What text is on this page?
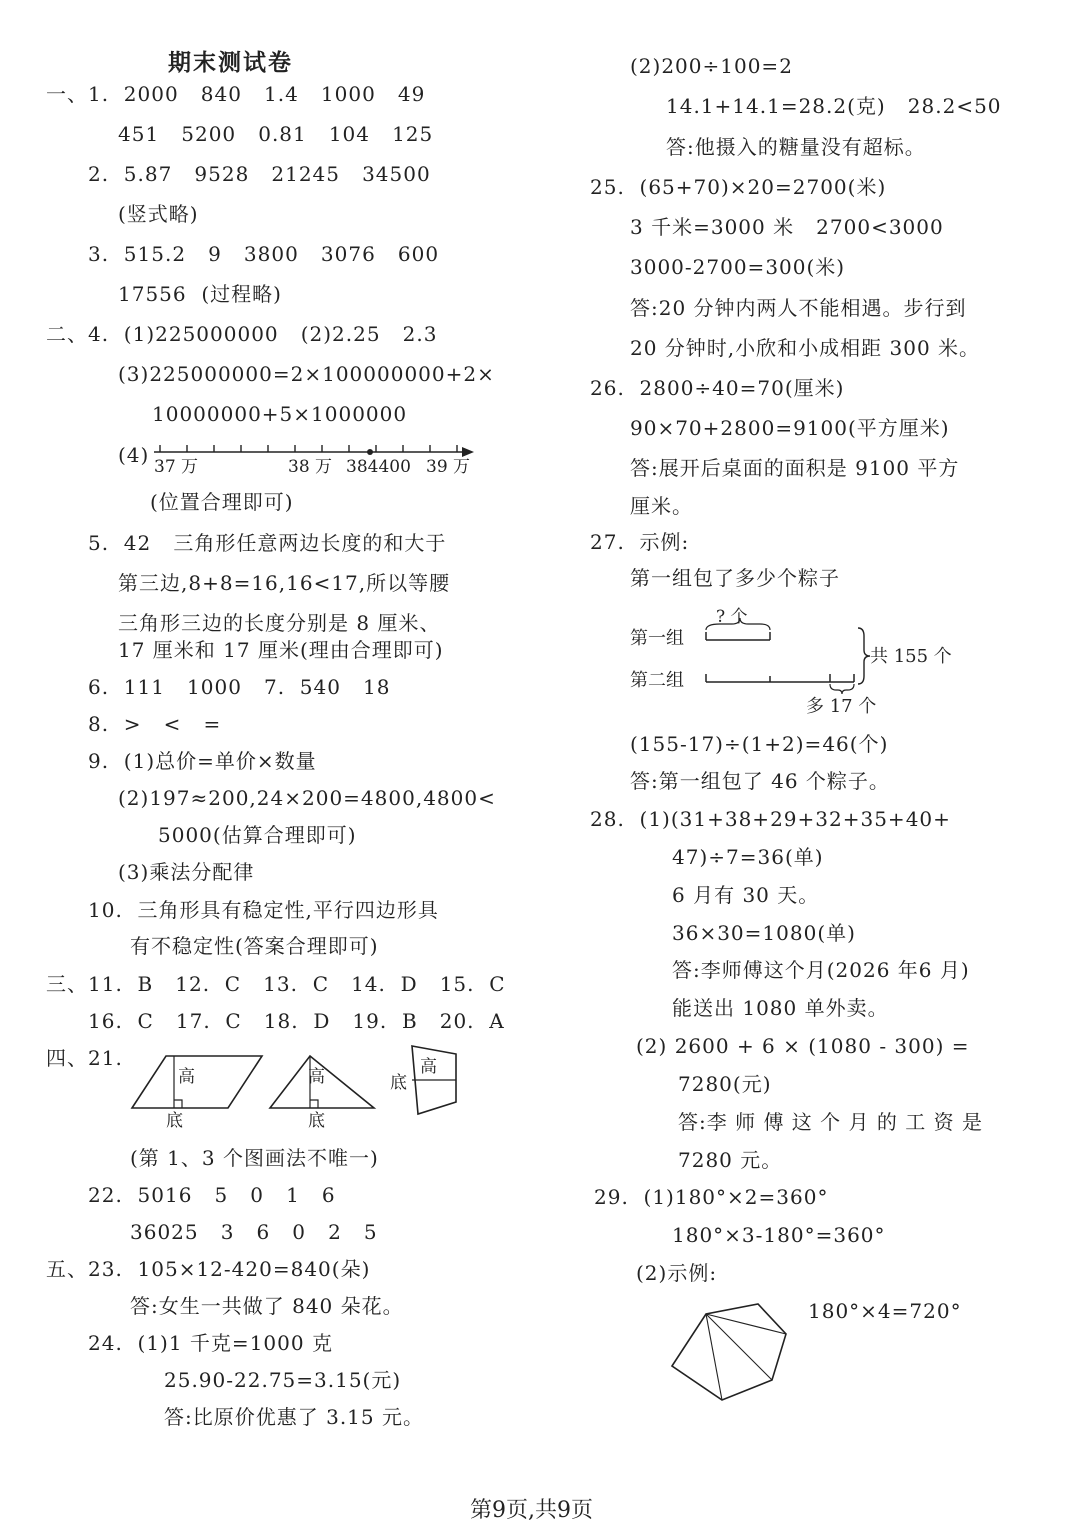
期末测试卷
一、1.  2000   840   1.4   1000   49
451   5200   0.81   104   125
2.  5.87   9528   21245   34500
(竖式略)
3.  515.2   9   3800   3076   600
17556  (过程略)
二、4.  (1)225000000   (2)2.25   2.3
(3)225000000=2×100000000+2×
10000000+5×1000000
(4) 37 万	38 万 384400 39 万
(位置合理即可)
5.  42   三角形任意两边长度的和大于
第三边,8+8=16,16<17,所以等腰
三角形三边的长度分别是 8 厘米、
17 厘米和 17 厘米(理由合理即可)
6.  111   1000   7.  540   18
8.  >   <   =
9.  (1)总价=单价×数量
(2)197≈200,24×200=4800,4800<
5000(估算合理即可)
(3)乘法分配律
10.  三角形具有稳定性,平行四边形具
有不稳定性(答案合理即可)
三、11.  B   12.  C   13.  C   14.  D   15.  C
16.  C   17.  C   18.  D   19.  B   20.  A
四、21.
高
底
高
底
底
高
(第 1、3 个图画法不唯一)
22.  5016   5   0   1   6
36025   3   6   0   2   5
五、23.  105×12-420=840(朵)
答:女生一共做了 840 朵花。
24.  (1)1 千克=1000 克
25.90-22.75=3.15(元)
答:比原价优惠了 3.15 元。
(2)200÷100=2
14.1+14.1=28.2(克)   28.2<50
答:他摄入的糖量没有超标。
25.  (65+70)×20=2700(米)
3 千米=3000 米   2700<3000
3000-2700=300(米)
答:20 分钟内两人不能相遇。步行到
20 分钟时,小欣和小成相距 300 米。
26.  2800÷40=70(厘米)
90×70+2800=9100(平方厘米)
答:展开后桌面的面积是 9100 平方
厘米。
27.  示例:
第一组包了多少个粽子
第一组
第二组
? 个
共 155 个
多 17 个
(155-17)÷(1+2)=46(个)
答:第一组包了 46 个粽子。
28.  (1)(31+38+29+32+35+40+
47)÷7=36(单)
6 月有 30 天。
36×30=1080(单)
答:李师傅这个月(2026 年6 月)
能送出 1080 单外卖。
(2) 2600 + 6 × (1080 - 300) =
7280(元)
答:李 师 傅 这 个 月 的 工 资 是
7280 元。
29.  (1)180°×2=360°
180°×3-180°=360°
(2)示例:
180°×4=720°
第9页,共9页
